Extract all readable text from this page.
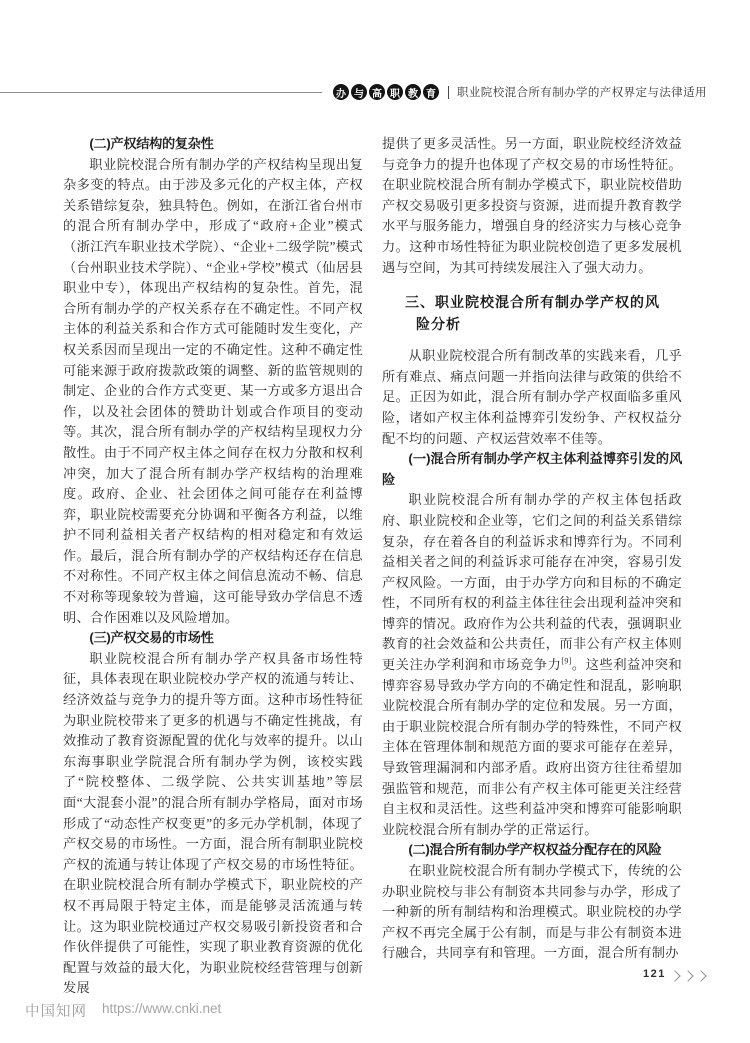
办 与 高 职 教 育 职业院校混合所有制办学的产权界定与法律适用

(二)产权结构的复杂性

职业院校混合所有制办学的产权结构呈现出复杂多变的特点。由于涉及多元化的产权主体，产权关系错综复杂，独具特色。例如，在浙江省台州市的混合所有制办学中，形成了“政府+企业”模式（浙江汽车职业技术学院）、“企业+二级学院”模式（台州职业技术学院）、“企业+学校”模式（仙居县职业中专），体现出产权结构的复杂性。首先，混合所有制办学的产权关系存在不确定性。不同产权主体的利益关系和合作方式可能随时发生变化，产权关系因而呈现出一定的不确定性。这种不确定性可能来源于政府拨款政策的调整、新的监管规则的制定、企业的合作方式变更、某一方或多方退出合作，以及社会团体的赞助计划或合作项目的变动等。其次，混合所有制办学的产权结构呈现权力分散性。由于不同产权主体之间存在权力分散和权利冲突，加大了混合所有制办学产权结构的治理难度。政府、企业、社会团体之间可能存在利益博弈，职业院校需要充分协调和平衡各方利益，以维护不同利益相关者产权结构的相对稳定和有效运作。最后，混合所有制办学的产权结构还存在信息不对称性。不同产权主体之间信息流动不畅、信息不对称等现象较为普遍，这可能导致办学信息不透明、合作困难以及风险增加。

(三)产权交易的市场性

职业院校混合所有制办学产权具备市场性特征，具体表现在职业院校办学产权的流通与转让、经济效益与竞争力的提升等方面。这种市场性特征为职业院校带来了更多的机遇与不确定性挑战，有效推动了教育资源配置的优化与效率的提升。以山东海事职业学院混合所有制办学为例，该校实践了“院校整体、二级学院、公共实训基地”等层面“大混套小混”的混合所有制办学格局，面对市场形成了“动态性产权变更”的多元办学机制，体现了产权交易的市场性。一方面，混合所有制职业院校产权的流通与转让体现了产权交易的市场性特征。在职业院校混合所有制办学模式下，职业院校的产权不再局限于特定主体，而是能够灵活流通与转让。这为职业院校通过产权交易吸引新投资者和合作伙伴提供了可能性，实现了职业教育资源的优化配置与效益的最大化，为职业院校经营管理与创新发展

提供了更多灵活性。另一方面，职业院校经济效益与竞争力的提升也体现了产权交易的市场性特征。在职业院校混合所有制办学模式下，职业院校借助产权交易吸引更多投资与资源，进而提升教育教学水平与服务能力，增强自身的经济实力与核心竞争力。这种市场性特征为职业院校创造了更多发展机遇与空间，为其可持续发展注入了强大动力。

三、职业院校混合所有制办学产权的风险分析

从职业院校混合所有制改革的实践来看，几乎所有难点、痛点问题一并指向法律与政策的供给不足。正因为如此，混合所有制办学产权面临多重风险，诸如产权主体利益博弈引发纷争、产权权益分配不均的问题、产权运营效率不佳等。

(一)混合所有制办学产权主体利益博弈引发的风险

职业院校混合所有制办学的产权主体包括政府、职业院校和企业等，它们之间的利益关系错综复杂，存在着各自的利益诉求和博弈行为。不同利益相关者之间的利益诉求可能存在冲突，容易引发产权风险。一方面，由于办学方向和目标的不确定性，不同所有权的利益主体往往会出现利益冲突和博弈的情况。政府作为公共利益的代表，强调职业教育的社会效益和公共责任，而非公有产权主体则更关注办学利润和市场竞争力[9]。这些利益冲突和博弈容易导致办学方向的不确定性和混乱，影响职业院校混合所有制办学的定位和发展。另一方面，由于职业院校混合所有制办学的特殊性，不同产权主体在管理体制和规范方面的要求可能存在差异，导致管理漏洞和内部矛盾。政府出资方往往希望加强监管和规范，而非公有产权主体可能更关注经营自主权和灵活性。这些利益冲突和博弈可能影响职业院校混合所有制办学的正常运行。

(二)混合所有制办学产权权益分配存在的风险

在职业院校混合所有制办学模式下，传统的公办职业院校与非公有制资本共同参与办学，形成了一种新的所有制结构和治理模式。职业院校的办学产权不再完全属于公有制，而是与非公有制资本进行融合，共同享有和管理。一方面，混合所有制办

121
中国知网 https://www.cnki.net
